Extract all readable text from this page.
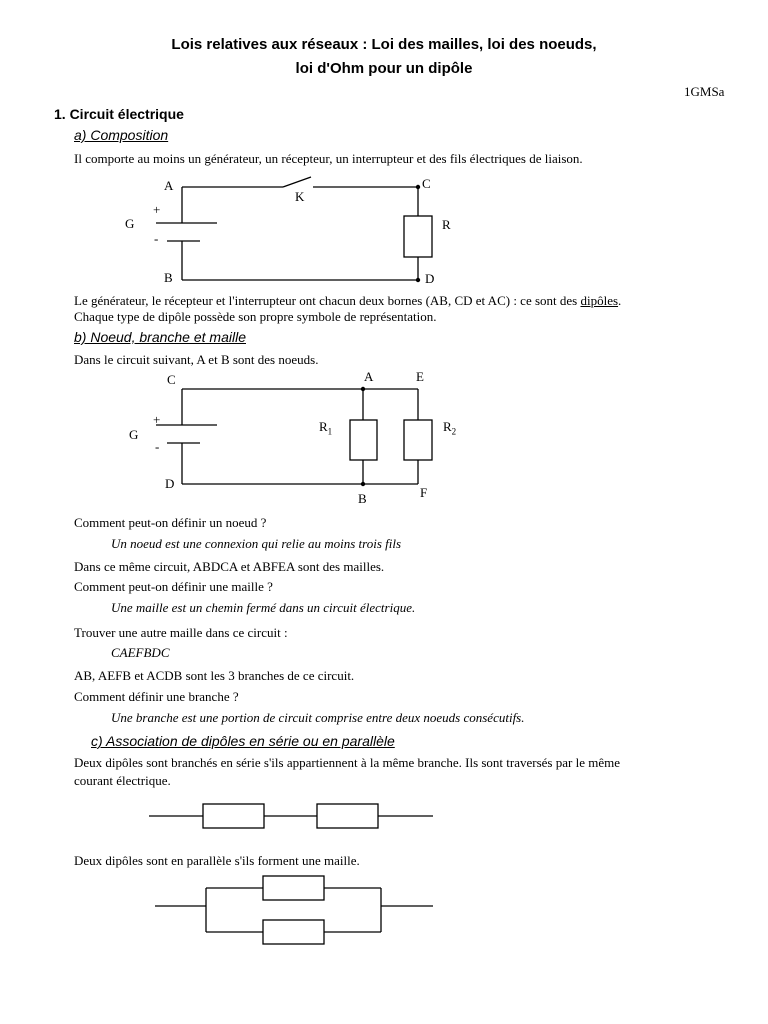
Lois relatives aux réseaux : Loi des mailles, loi des noeuds,
loi d'Ohm pour un dipôle
1GMSa
1. Circuit électrique
a) Composition
Il comporte au moins un générateur, un récepteur, un interrupteur et des fils électriques de liaison.
A
B
C
D
G
K
R
+
-
Le générateur, le récepteur et l'interrupteur ont chacun deux bornes (AB, CD et AC) : ce sont des dipôles.
Chaque type de dipôle possède son propre symbole de représentation.
b) Noeud, branche et maille
Dans le circuit suivant, A et B sont des noeuds.
C
D
A
B
E
F
G
+
-
$R_1$	$R_2$
Comment peut-on définir un noeud ?
Un noeud est une connexion qui relie au moins trois fils
Dans ce même circuit, ABDCA et ABFEA sont des mailles.
Comment peut-on définir une maille ?
Une maille est un chemin fermé dans un circuit électrique.
Trouver une autre maille dans ce circuit :
CAEFBDC
AB, AEFB et ACDB sont les 3 branches de ce circuit.
Comment définir une branche ?
Une branche est une portion de circuit comprise entre deux noeuds consécutifs.
c) Association de dipôles en série ou en parallèle
Deux dipôles sont branchés en série s'ils appartiennent à la même branche. Ils sont traversés par le même
courant électrique.
Deux dipôles sont en parallèle s'ils forment une maille.
